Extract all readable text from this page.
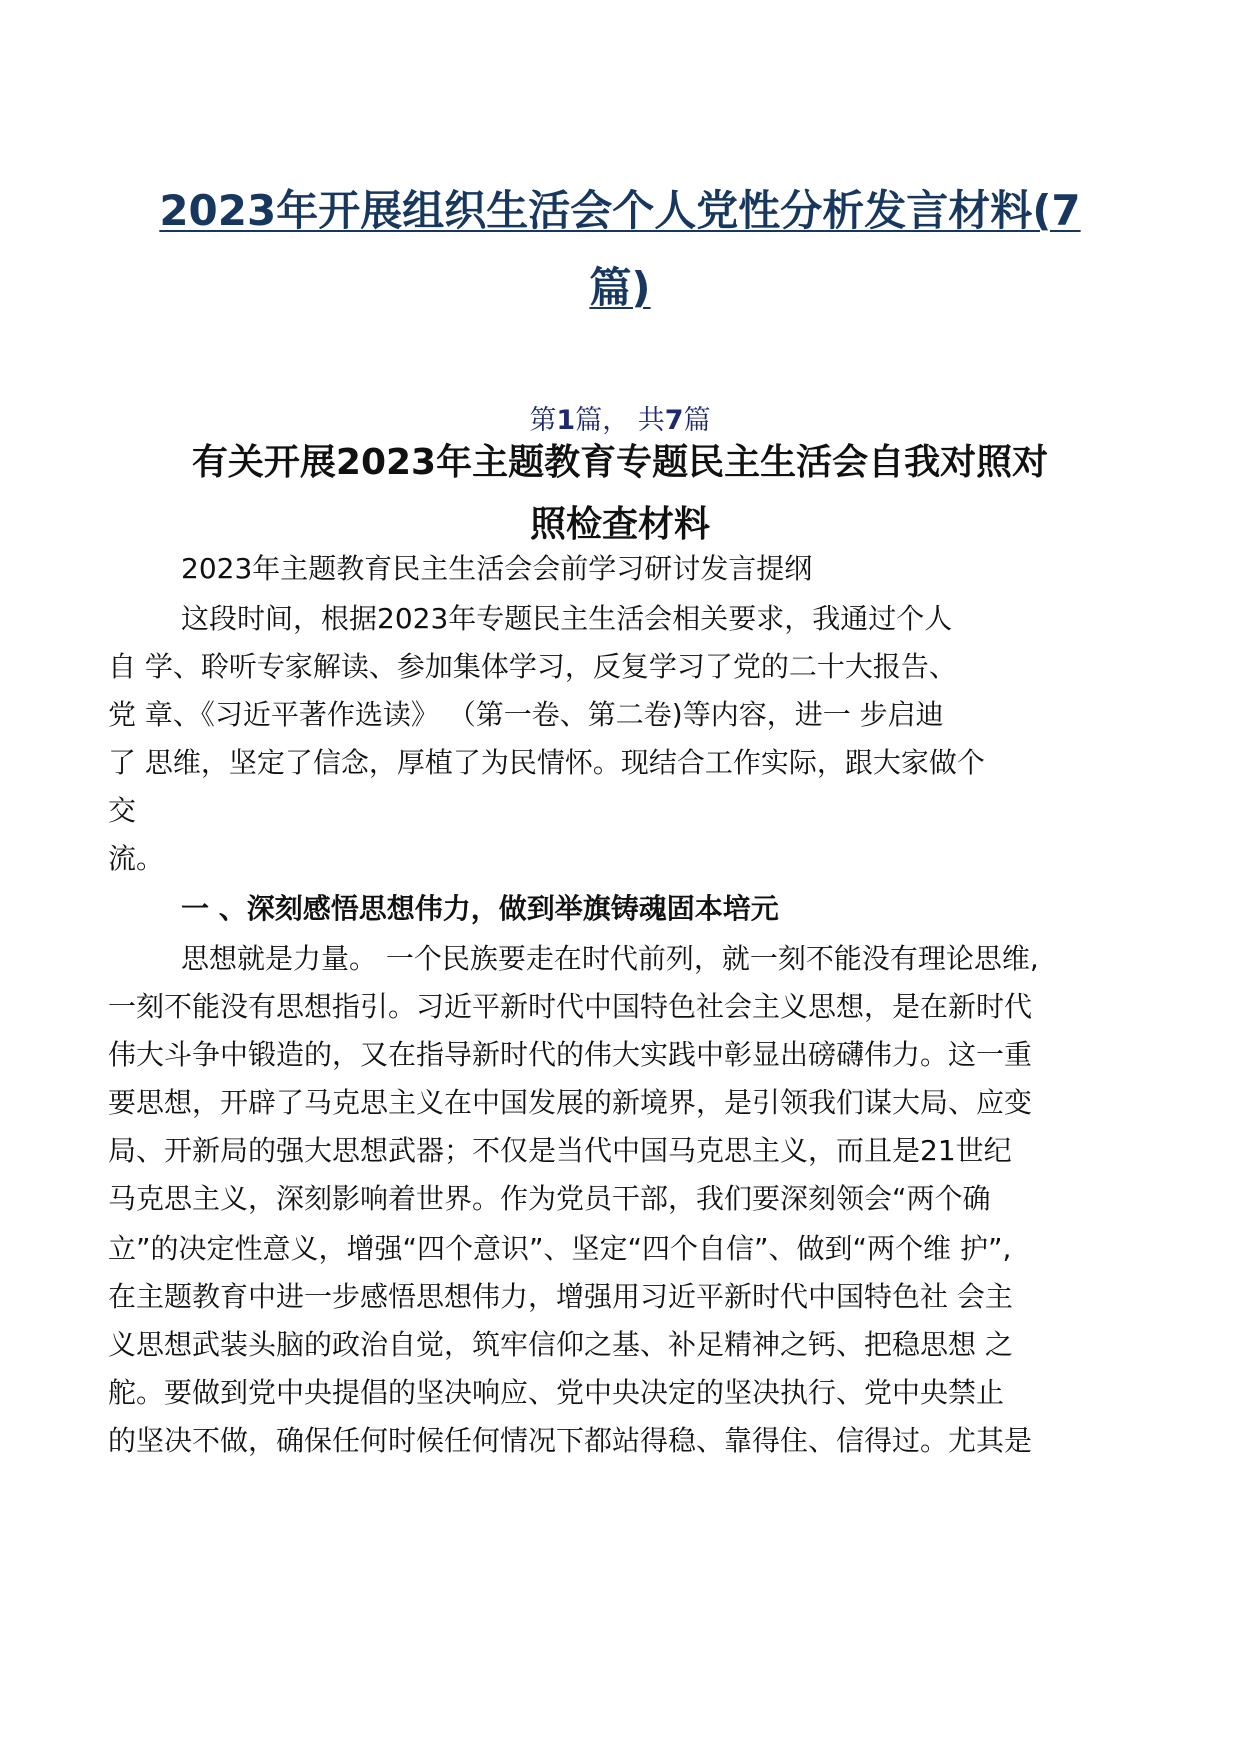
2023年开展组织生活会个人党性分析发言材料(7
篇)
第1篇， 共7篇
有关开展2023年主题教育专题民主生活会自我对照对
照检查材料
2023年主题教育民主生活会会前学习研讨发言提纲
这段时间，根据2023年专题民主生活会相关要求，我通过个人
自 学、聆听专家解读、参加集体学习，反复学习了党的二十大报告、
党 章、《习近平著作选读》 （第一卷、第二卷)等内容，进一 步启迪
了 思维，坚定了信念，厚植了为民情怀。现结合工作实际，跟大家做个
交
流。
一 、深刻感悟思想伟力，做到举旗铸魂固本培元
思想就是力量。 一个民族要走在时代前列，就一刻不能没有理论思维,
一刻不能没有思想指引。习近平新时代中国特色社会主义思想，是在新时代
伟大斗争中锻造的，又在指导新时代的伟大实践中彰显出磅礴伟力。这一重
要思想，开辟了马克思主义在中国发展的新境界，是引领我们谋大局、应变
局、开新局的强大思想武器；不仅是当代中国马克思主义，而且是21世纪
马克思主义，深刻影响着世界。作为党员干部，我们要深刻领会“两个确
立”的决定性意义，增强“四个意识”、坚定“四个自信”、做到“两个维 护”,
在主题教育中进一步感悟思想伟力，增强用习近平新时代中国特色社 会主
义思想武装头脑的政治自觉，筑牢信仰之基、补足精神之钙、把稳思想 之
舵。要做到党中央提倡的坚决响应、党中央决定的坚决执行、党中央禁止
的坚决不做，确保任何时候任何情况下都站得稳、靠得住、信得过。尤其是
